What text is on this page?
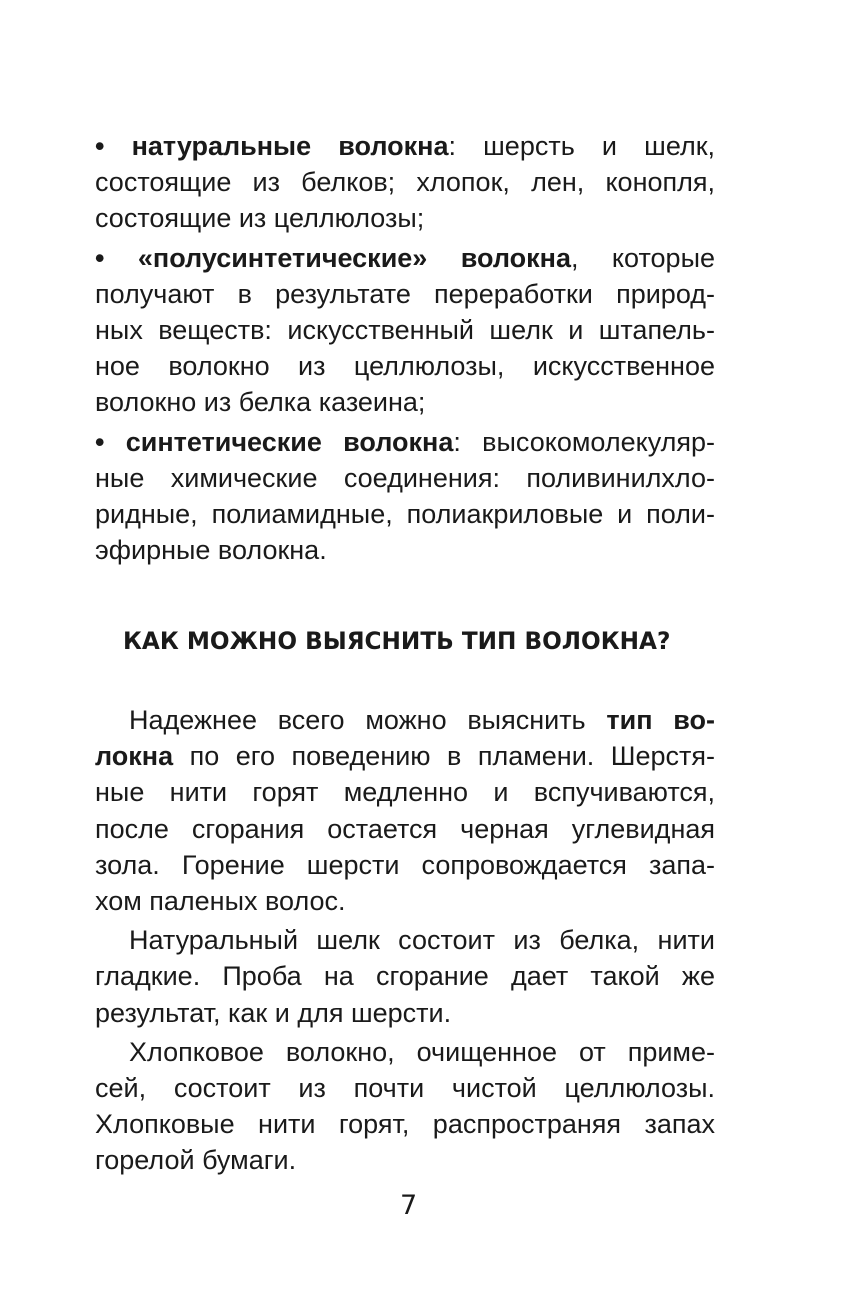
• натуральные волокна: шерсть и шелк,
состоящие из белков; хлопок, лен, конопля,
состоящие из целлюлозы;
• «полусинтетические» волокна, которые
получают в результате переработки природ-
ных веществ: искусственный шелк и штапель-
ное волокно из целлюлозы, искусственное
волокно из белка казеина;
• синтетические волокна: высокомолекуляр-
ные химические соединения: поливинилхло-
ридные, полиамидные, полиакриловые и поли-
эфирные волокна.
КАК МОЖНО ВЫЯСНИТЬ ТИП ВОЛОКНА?
Надежнее всего можно выяснить тип во-
локна по его поведению в пламени. Шерстя-
ные нити горят медленно и вспучиваются,
после сгорания остается черная углевидная
зола. Горение шерсти сопровождается запа-
хом паленых волос.
Натуральный шелк состоит из белка, нити
гладкие. Проба на сгорание дает такой же
результат, как и для шерсти.
Хлопковое волокно, очищенное от приме-
сей, состоит из почти чистой целлюлозы.
Хлопковые нити горят, распространяя запах
горелой бумаги.
7
